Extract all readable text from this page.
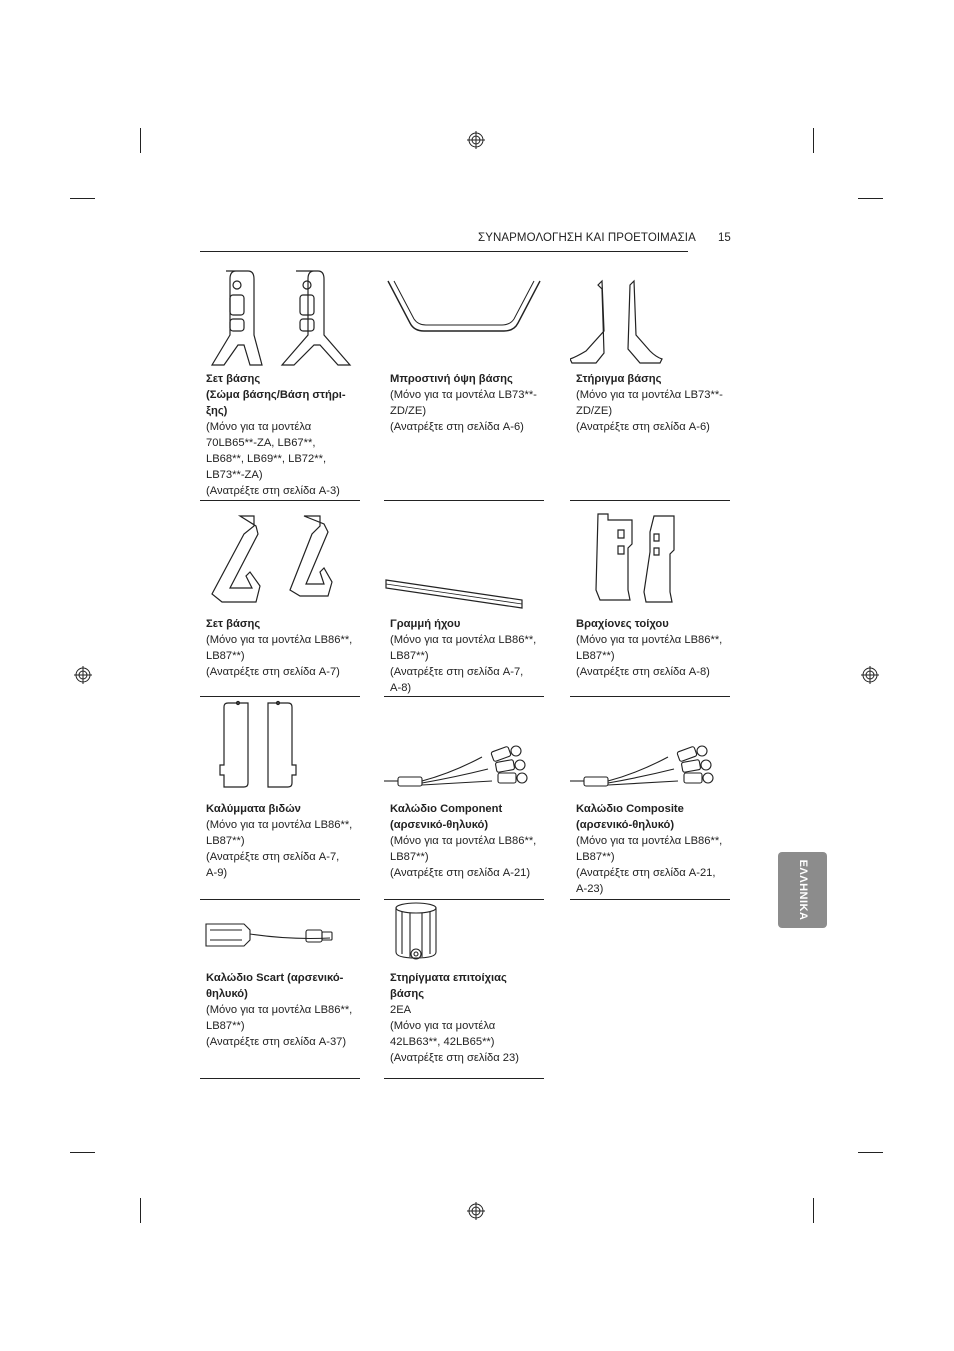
ΣΥΝΑΡΜΟΛΟΓΗΣΗ ΚΑΙ ΠΡΟΕΤΟΙΜΑΣΙΑ 15
ΕΛΛΗΝΙΚΑ
Σετ βάσης
(Σώμα βάσης/Βάση στήρι-
ξης)
(Μόνο για τα μοντέλα
70LB65**-ZA, LB67**,
LB68**, LB69**, LB72**,
LB73**-ZA)
(Ανατρέξτε στη σελίδα A-3)
Μπροστινή όψη βάσης
(Μόνο για τα μοντέλα LB73**-
ZD/ZE)
(Ανατρέξτε στη σελίδα A-6)
Στήριγμα βάσης
(Μόνο για τα μοντέλα LB73**-
ZD/ZE)
(Ανατρέξτε στη σελίδα A-6)
Σετ βάσης
(Μόνο για τα μοντέλα LB86**,
LB87**)
(Ανατρέξτε στη σελίδα A-7)
Γραμμή ήχου
(Μόνο για τα μοντέλα LB86**,
LB87**)
(Ανατρέξτε στη σελίδα A-7,
A-8)
Βραχίονες τοίχου
(Μόνο για τα μοντέλα LB86**,
LB87**)
(Ανατρέξτε στη σελίδα A-8)
Καλύμματα βιδών
(Μόνο για τα μοντέλα LB86**,
LB87**)
(Ανατρέξτε στη σελίδα A-7,
A-9)
Καλώδιο Component
(αρσενικό-θηλυκό)
(Μόνο για τα μοντέλα LB86**,
LB87**)
(Ανατρέξτε στη σελίδα A-21)
Καλώδιο Composite
(αρσενικό-θηλυκό)
(Μόνο για τα μοντέλα LB86**,
LB87**)
(Ανατρέξτε στη σελίδα A-21,
A-23)
Καλώδιο Scart (αρσενικό-
θηλυκό)
(Μόνο για τα μοντέλα LB86**,
LB87**)
(Ανατρέξτε στη σελίδα A-37)
Στηρίγματα επιτοίχιας
βάσης
2EA
(Μόνο για τα μοντέλα
42LB63**, 42LB65**)
(Ανατρέξτε στη σελίδα 23)
